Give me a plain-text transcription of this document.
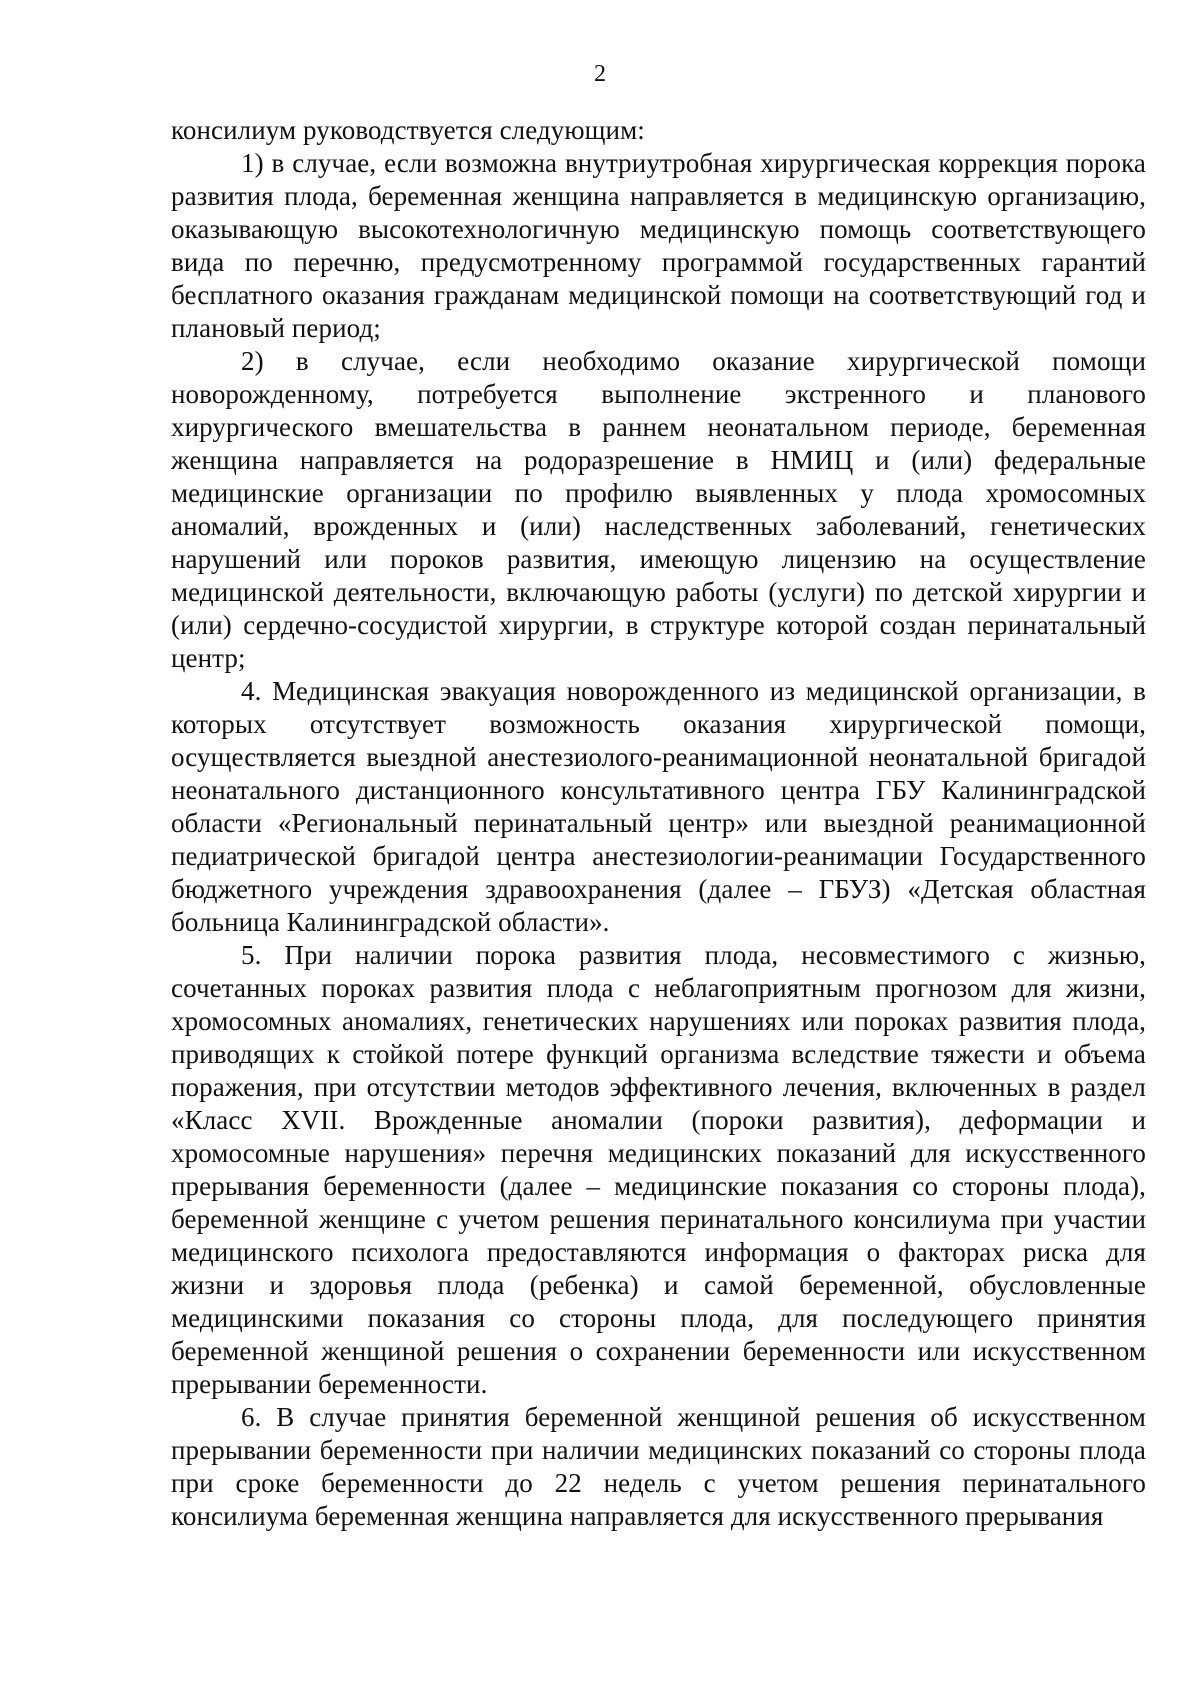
2

консилиум руководствуется следующим:

1) в случае, если возможна внутриутробная хирургическая коррекция порока развития плода, беременная женщина направляется в медицинскую организацию, оказывающую высокотехнологичную медицинскую помощь соответствующего вида по перечню, предусмотренному программой государственных гарантий бесплатного оказания гражданам медицинской помощи на соответствующий год и плановый период;

2) в случае, если необходимо оказание хирургической помощи новорожденному, потребуется выполнение экстренного и планового хирургического вмешательства в раннем неонатальном периоде, беременная женщина направляется на родоразрешение в НМИЦ и (или) федеральные медицинские организации по профилю выявленных у плода хромосомных аномалий, врожденных и (или) наследственных заболеваний, генетических нарушений или пороков развития, имеющую лицензию на осуществление медицинской деятельности, включающую работы (услуги) по детской хирургии и (или) сердечно-сосудистой хирургии, в структуре которой создан перинатальный центр;

4. Медицинская эвакуация новорожденного из медицинской организации, в которых отсутствует возможность оказания хирургической помощи, осуществляется выездной анестезиолого-реанимационной неонатальной бригадой неонатального дистанционного консультативного центра ГБУ Калининградской области «Региональный перинатальный центр» или выездной реанимационной педиатрической бригадой центра анестезиологии-реанимации Государственного бюджетного учреждения здравоохранения (далее – ГБУЗ) «Детская областная больница Калининградской области».

5. При наличии порока развития плода, несовместимого с жизнью, сочетанных пороках развития плода с неблагоприятным прогнозом для жизни, хромосомных аномалиях, генетических нарушениях или пороках развития плода, приводящих к стойкой потере функций организма вследствие тяжести и объема поражения, при отсутствии методов эффективного лечения, включенных в раздел «Класс XVII. Врожденные аномалии (пороки развития), деформации и хромосомные нарушения» перечня медицинских показаний для искусственного прерывания беременности (далее – медицинские показания со стороны плода), беременной женщине с учетом решения перинатального консилиума при участии медицинского психолога предоставляются информация о факторах риска для жизни и здоровья плода (ребенка) и самой беременной, обусловленные медицинскими показания со стороны плода, для последующего принятия беременной женщиной решения о сохранении беременности или искусственном прерывании беременности.

6. В случае принятия беременной женщиной решения об искусственном прерывании беременности при наличии медицинских показаний со стороны плода при сроке беременности до 22 недель с учетом решения перинатального консилиума беременная женщина направляется для искусственного прерывания
